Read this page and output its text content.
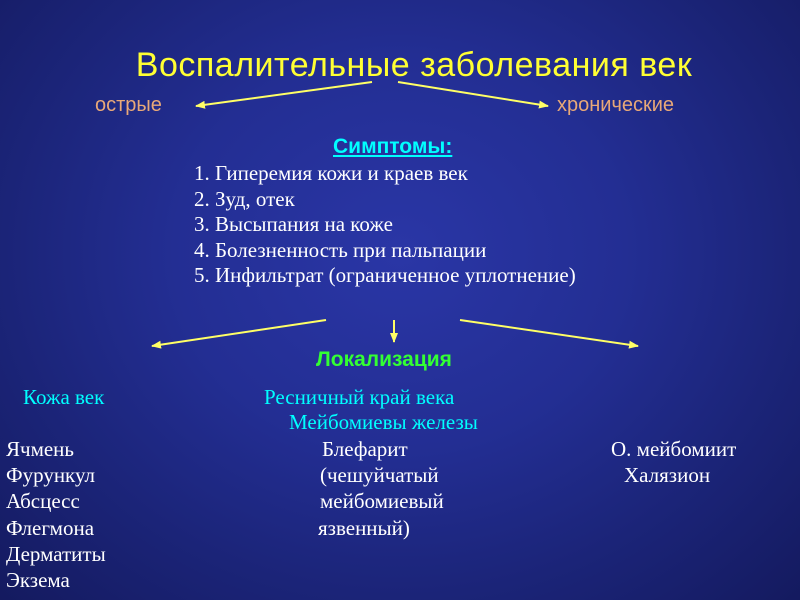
Воспалительные заболевания век
острые	хронические
Симптомы:
1. Гиперемия кожи и краев век
2. Зуд, отек
3. Высыпания на коже
4. Болезненность при пальпации
5. Инфильтрат (ограниченное уплотнение)
Локализация
Кожа век	Ресничный край века
Мейбомиевы железы
Ячмень
Фурункул
Абсцесс
Флегмона
Дерматиты
Экзема
Блефарит
(чешуйчатый
мейбомиевый
язвенный)
О. мейбомиит
Халязион
